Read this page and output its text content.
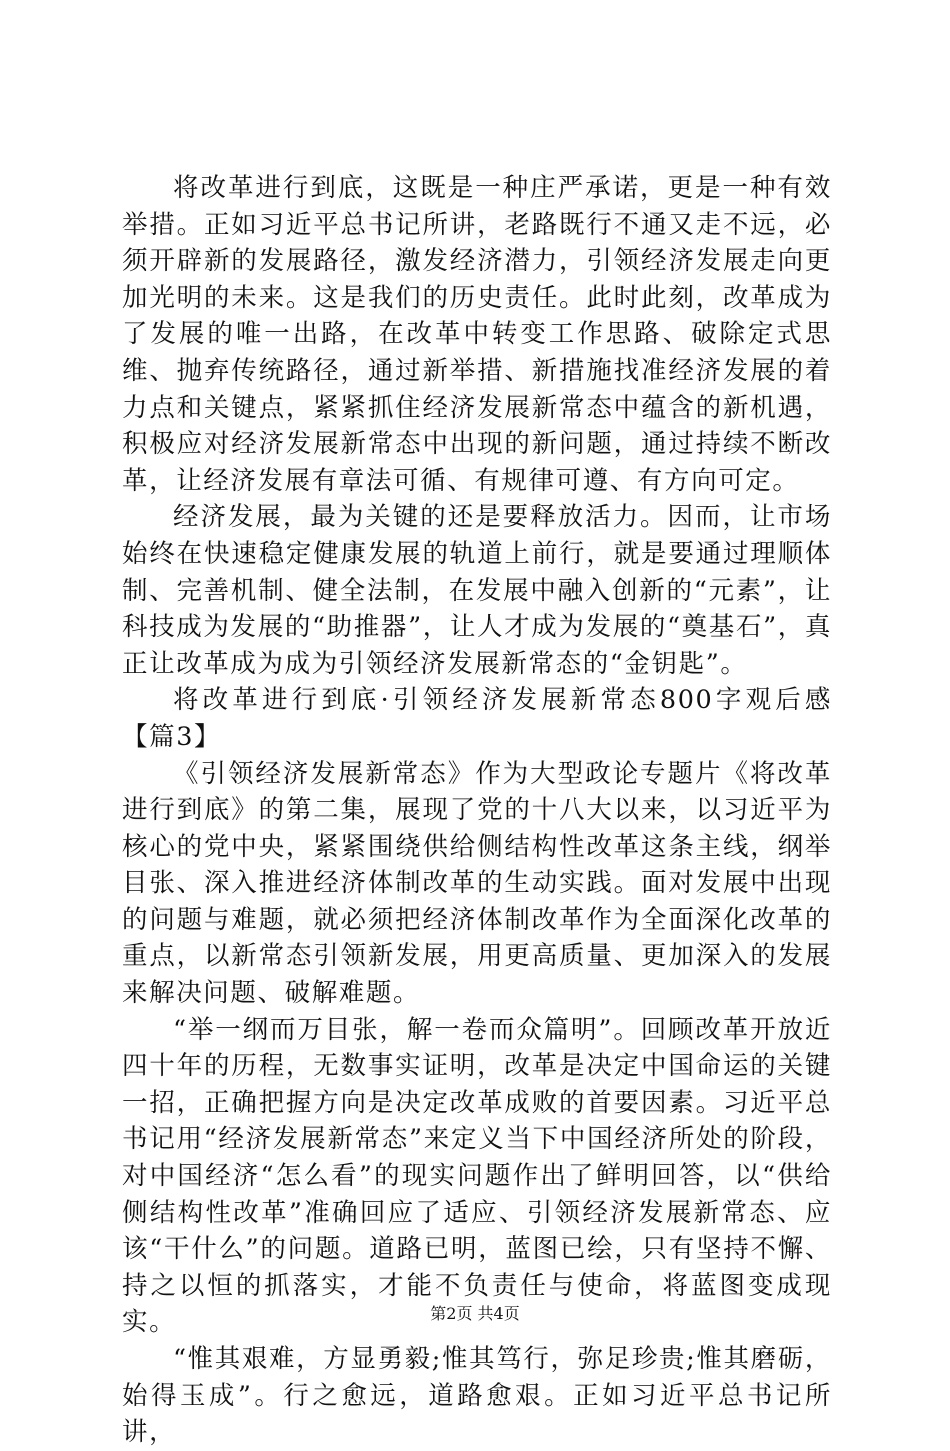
将改革进行到底，这既是一种庄严承诺，更是一种有效举措。正如习近平总书记所讲，老路既行不通又走不远，必须开辟新的发展路径，激发经济潜力，引领经济发展走向更加光明的未来。这是我们的历史责任。此时此刻，改革成为了发展的唯一出路，在改革中转变工作思路、破除定式思维、抛弃传统路径，通过新举措、新措施找准经济发展的着力点和关键点，紧紧抓住经济发展新常态中蕴含的新机遇，积极应对经济发展新常态中出现的新问题，通过持续不断改革，让经济发展有章法可循、有规律可遵、有方向可定。

经济发展，最为关键的还是要释放活力。因而，让市场始终在快速稳定健康发展的轨道上前行，就是要通过理顺体制、完善机制、健全法制，在发展中融入创新的“元素”，让科技成为发展的“助推器”，让人才成为发展的“奠基石”，真正让改革成为成为引领经济发展新常态的“金钥匙”。

将改革进行到底·引领经济发展新常态800字观后感【篇3】

《引领经济发展新常态》作为大型政论专题片《将改革进行到底》的第二集，展现了党的十八大以来，以习近平为核心的党中央，紧紧围绕供给侧结构性改革这条主线，纲举目张、深入推进经济体制改革的生动实践。面对发展中出现的问题与难题，就必须把经济体制改革作为全面深化改革的重点，以新常态引领新发展，用更高质量、更加深入的发展来解决问题、破解难题。

“举一纲而万目张，解一卷而众篇明”。回顾改革开放近四十年的历程，无数事实证明，改革是决定中国命运的关键一招，正确把握方向是决定改革成败的首要因素。习近平总书记用“经济发展新常态”来定义当下中国经济所处的阶段，对中国经济“怎么看”的现实问题作出了鲜明回答，以“供给侧结构性改革”准确回应了适应、引领经济发展新常态、应该“干什么”的问题。道路已明，蓝图已绘，只有坚持不懈、持之以恒的抓落实，才能不负责任与使命，将蓝图变成现实。

“惟其艰难，方显勇毅;惟其笃行，弥足珍贵;惟其磨砺，始得玉成”。行之愈远，道路愈艰。正如习近平总书记所讲，

第2页 共4页
